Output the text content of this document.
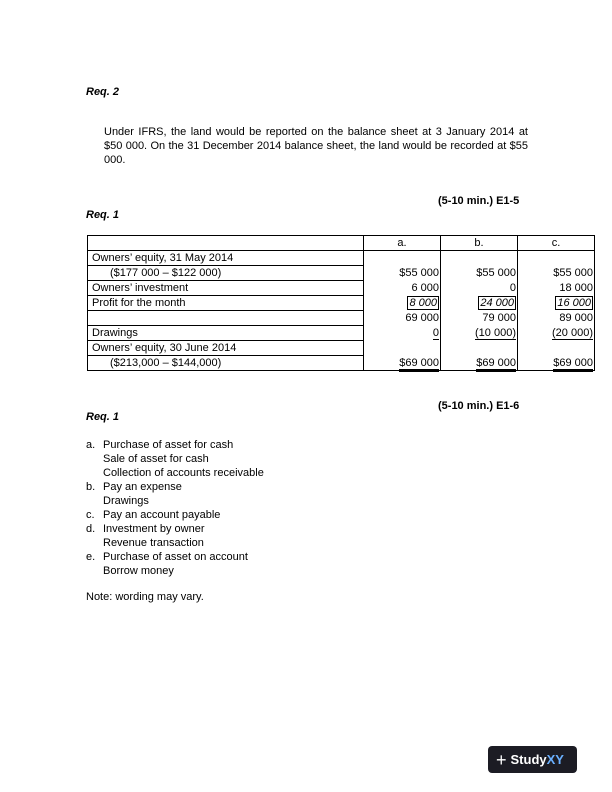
Req. 2
Under IFRS, the land would be reported on the balance sheet at 3 January 2014 at $50 000. On the 31 December 2014 balance sheet, the land would be recorded at $55 000.
(5-10 min.) E1-5
Req. 1
	a.	b.	c.
Owners’ equity, 31 May 2014			
($177 000 – $122 000)	$55 000	$55 000	$55 000
Owners’ investment	6 000	0	18 000
Profit for the month	8 000	24 000	16 000
	69 000	79 000	89 000
Drawings	0	(10 000)	(20 000)
Owners’ equity, 30 June 2014			
($213,000 – $144,000)	$69 000	$69 000	$69 000
(5-10 min.) E1-6
Req. 1
a. Purchase of asset for cash
Sale of asset for cash
Collection of accounts receivable
b. Pay an expense
Drawings
c. Pay an account payable
d. Investment by owner
Revenue transaction
e. Purchase of asset on account
Borrow money
Note: wording may vary.
+ Study XY
